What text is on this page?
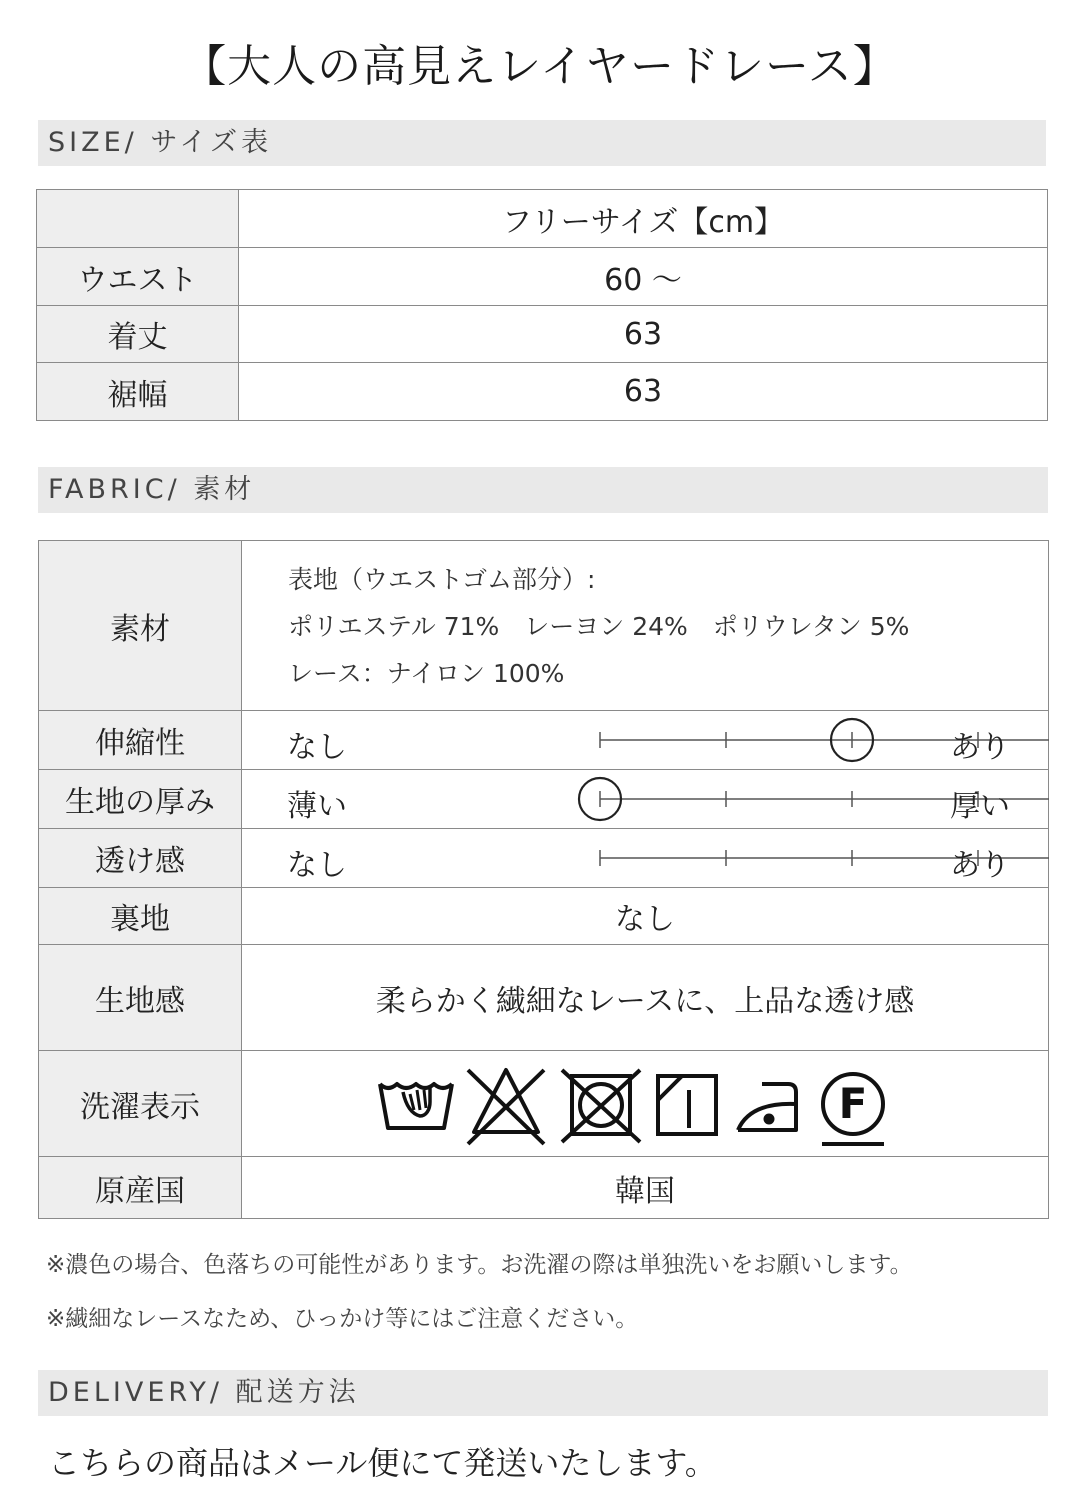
【大人の高見えレイヤードレース】
SIZE/ サイズ表
	フリーサイズ【cm】
ウエスト	60 ～
着丈	63
裾幅	63
FABRIC/ 素材
素材	表地（ウエストゴム部分）:
ポリエステル 71%　レーヨン 24%　ポリウレタン 5%
レース：ナイロン 100%

伸縮性	なし あり

生地の厚み	薄い 厚い

透け感	なし あり

裏地	なし
生地感	柔らかく繊細なレースに、上品な透け感
洗濯表示	F

原産国	韓国
※濃色の場合、色落ちの可能性があります。お洗濯の際は単独洗いをお願いします。
※繊細なレースなため、ひっかけ等にはご注意ください。
DELIVERY/ 配送方法
こちらの商品はメール便にて発送いたします。
